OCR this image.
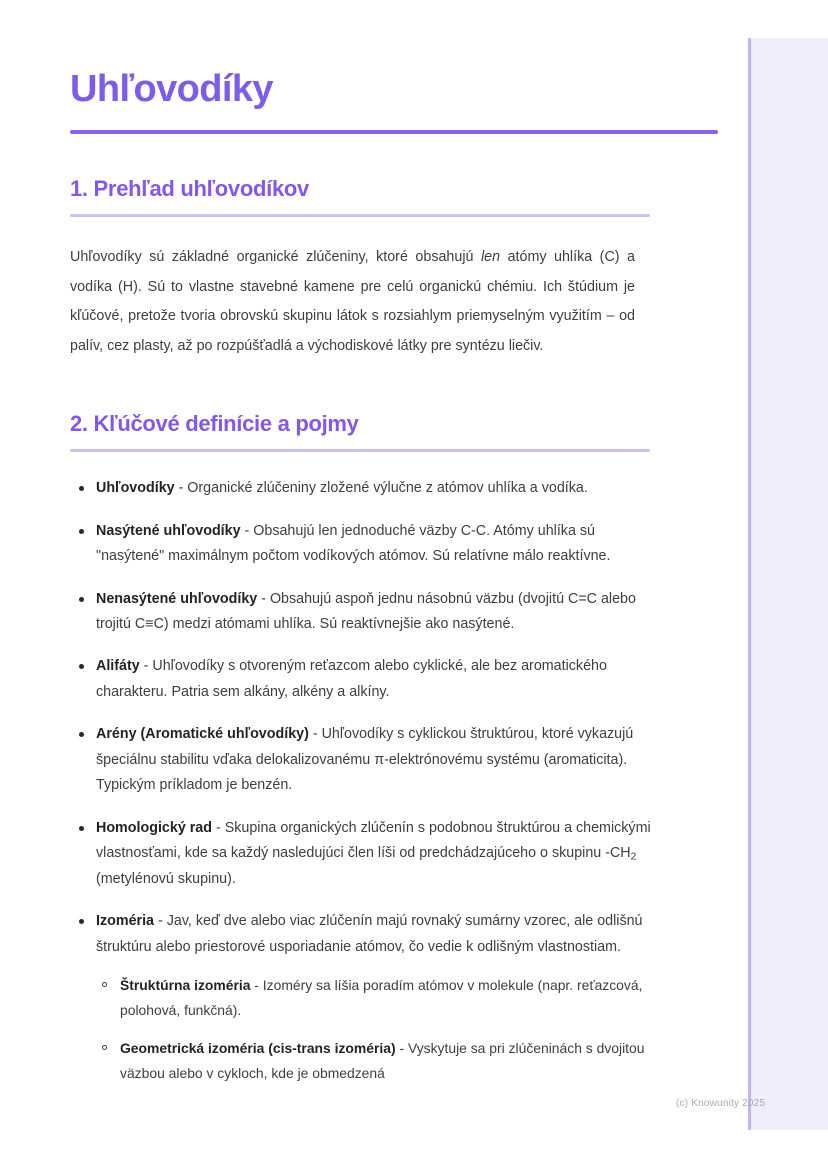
Uhľovodíky
1. Prehľad uhľovodíkov

Uhľovodíky sú základné organické zlúčeniny, ktoré obsahujú len atómy uhlíka (C) a vodíka (H). Sú to vlastne stavebné kamene pre celú organickú chémiu. Ich štúdium je kľúčové, pretože tvoria obrovskú skupinu látok s rozsiahlym priemyselným využitím – od palív, cez plasty, až po rozpúšťadlá a východiskové látky pre syntézu liečiv.

2. Kľúčové definície a pojmy
Uhľovodíky - Organické zlúčeniny zložené výlučne z atómov uhlíka a vodíka.
Nasýtené uhľovodíky - Obsahujú len jednoduché väzby C-C. Atómy uhlíka sú "nasýtené" maximálnym počtom vodíkových atómov. Sú relatívne málo reaktívne.
Nenasýtené uhľovodíky - Obsahujú aspoň jednu násobnú väzbu (dvojitú C=C alebo trojitú C≡C) medzi atómami uhlíka. Sú reaktívnejšie ako nasýtené.
Alifáty - Uhľovodíky s otvoreným reťazcom alebo cyklické, ale bez aromatického charakteru. Patria sem alkány, alkény a alkíny.
Arény (Aromatické uhľovodíky) - Uhľovodíky s cyklickou štruktúrou, ktoré vykazujú špeciálnu stabilitu vďaka delokalizovanému π-elektrónovému systému (aromaticita). Typickým príkladom je benzén.
Homologický rad - Skupina organických zlúčenín s podobnou štruktúrou a chemickými vlastnosťami, kde sa každý nasledujúci člen líši od predchádzajúceho o skupinu $-CH_2$ (metylénovú skupinu).
Izoméria - Jav, keď dve alebo viac zlúčenín majú rovnaký sumárny vzorec, ale odlišnú štruktúru alebo priestorové usporiadanie atómov, čo vedie k odlišným vlastnostiam.
Štruktúrna izoméria - Izoméry sa líšia poradím atómov v molekule (napr. reťazcová, polohová, funkčná).
Geometrická izoméria (cis-trans izoméria) - Vyskytuje sa pri zlúčeninách s dvojitou väzbou alebo v cykloch, kde je obmedzená
(c) Knowunity 2025
